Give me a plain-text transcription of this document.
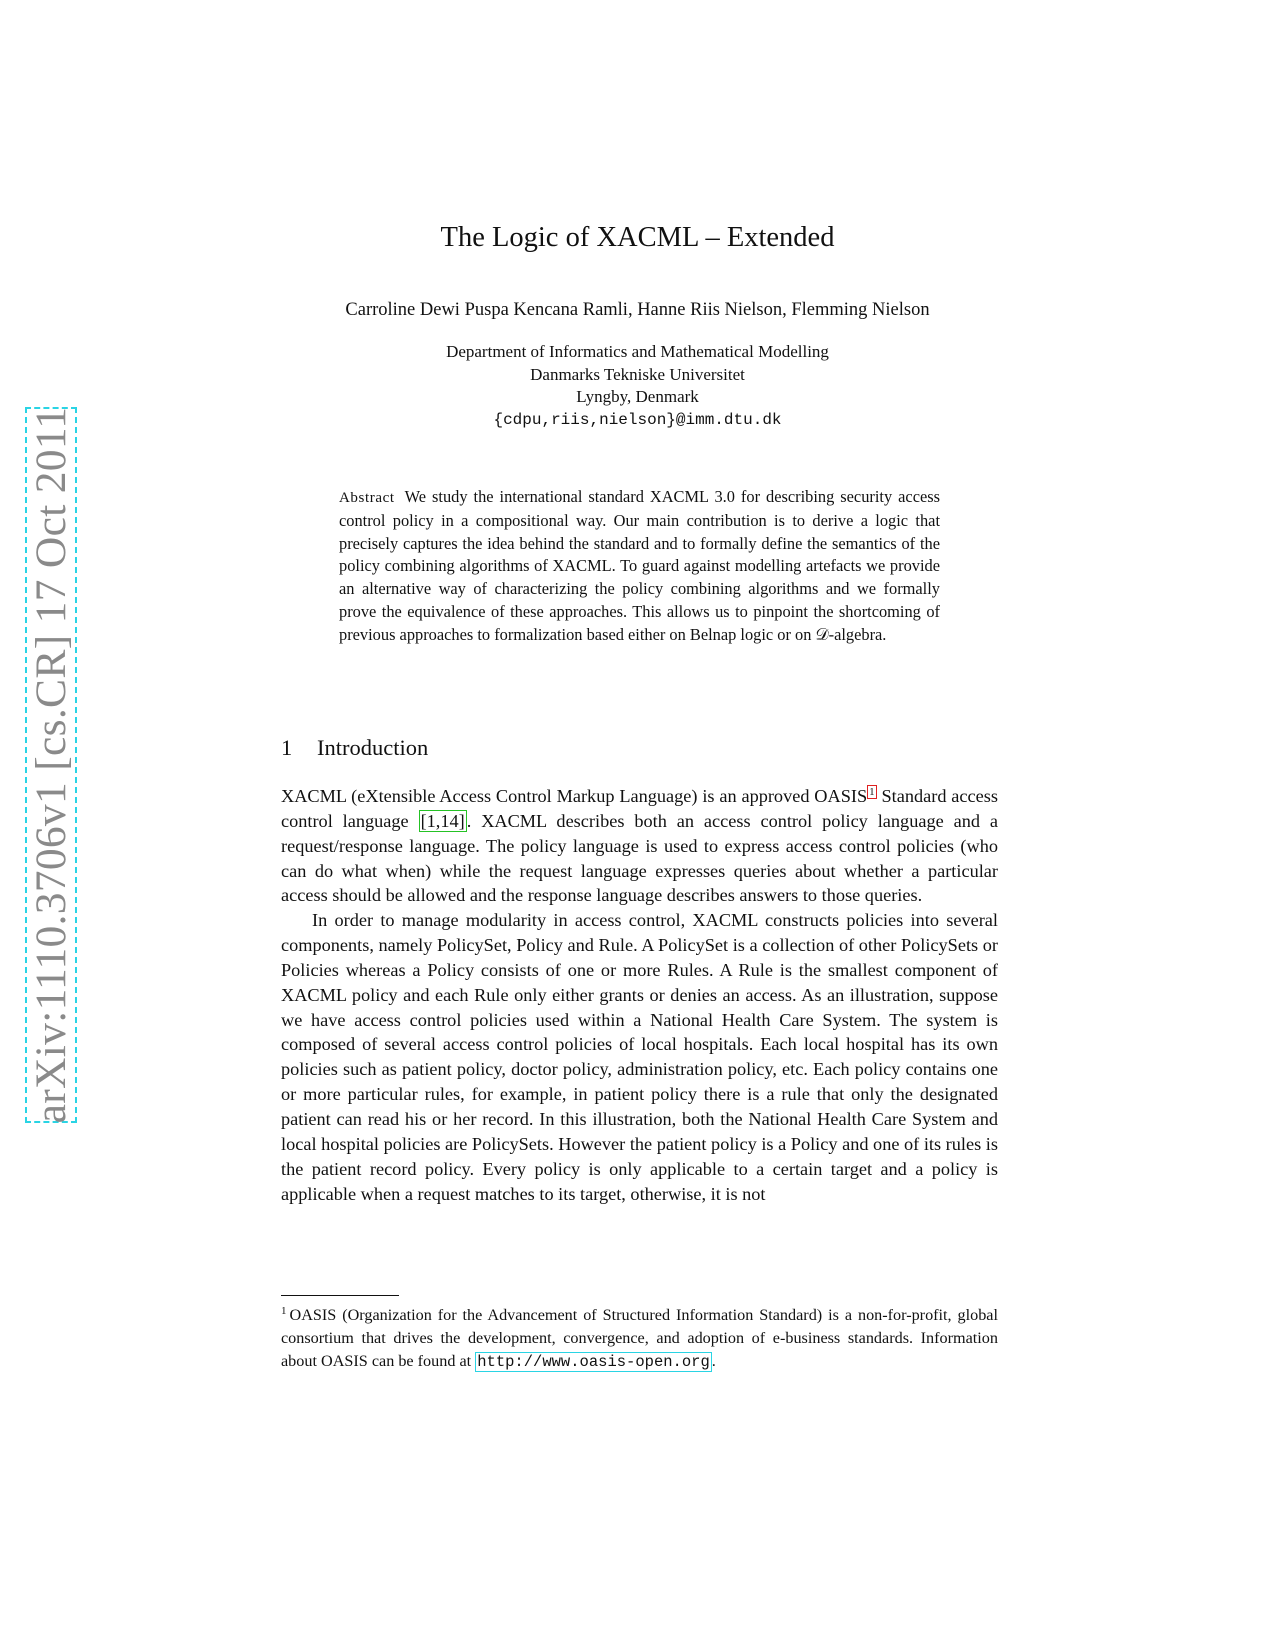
arXiv:1110.3706v1 [cs.CR] 17 Oct 2011
The Logic of XACML – Extended
Carroline Dewi Puspa Kencana Ramli, Hanne Riis Nielson, Flemming Nielson
Department of Informatics and Mathematical Modelling
Danmarks Tekniske Universitet
Lyngby, Denmark
{cdpu,riis,nielson}@imm.dtu.dk
Abstract We study the international standard XACML 3.0 for describing security access control policy in a compositional way. Our main contribution is to derive a logic that precisely captures the idea behind the standard and to formally define the semantics of the policy combining algorithms of XACML. To guard against modelling artefacts we provide an alternative way of characterizing the policy combining algorithms and we formally prove the equivalence of these approaches. This allows us to pinpoint the shortcoming of previous approaches to formalization based either on Belnap logic or on 𝒟-algebra.
1 Introduction

XACML (eXtensible Access Control Markup Language) is an approved OASIS $^1$ Standard access control language [1,14] . XACML describes both an access control policy language and a request/response language. The policy language is used to express access control policies (who can do what when) while the request language expresses queries about whether a particular access should be allowed and the response language describes answers to those queries.

In order to manage modularity in access control, XACML constructs policies into several components, namely PolicySet, Policy and Rule. A PolicySet is a collection of other PolicySets or Policies whereas a Policy consists of one or more Rules. A Rule is the smallest component of XACML policy and each Rule only either grants or denies an access. As an illustration, suppose we have access control policies used within a National Health Care System. The system is composed of several access control policies of local hospitals. Each local hospital has its own policies such as patient policy, doctor policy, administration policy, etc. Each policy contains one or more particular rules, for example, in patient policy there is a rule that only the designated patient can read his or her record. In this illustration, both the National Health Care System and local hospital policies are PolicySets. However the patient policy is a Policy and one of its rules is the patient record policy. Every policy is only applicable to a certain target and a policy is applicable when a request matches to its target, otherwise, it is not

$^1$ OASIS (Organization for the Advancement of Structured Information Standard) is a non-for-profit, global consortium that drives the development, convergence, and adoption of e-business standards. Information about OASIS can be found at http://www.oasis-open.org .
